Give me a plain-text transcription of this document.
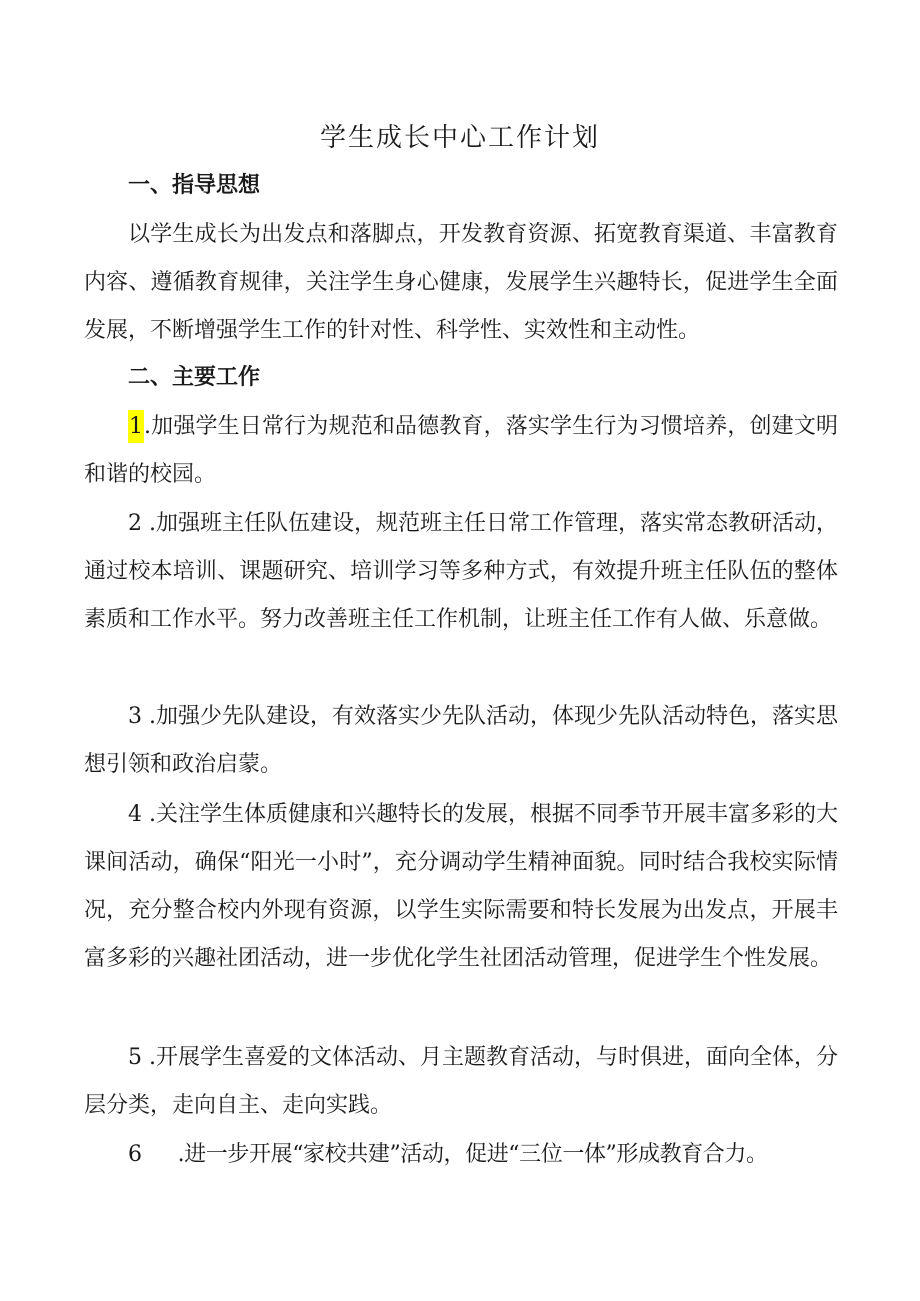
学生成长中心工作计划
一、指导思想

以学生成长为出发点和落脚点，开发教育资源、拓宽教育渠道、丰富教育内容、遵循教育规律，关注学生身心健康，发展学生兴趣特长，促进学生全面发展，不断增强学生工作的针对性、科学性、实效性和主动性。

二、主要工作

1.加强学生日常行为规范和品德教育，落实学生行为习惯培养，创建文明和谐的校园。

2 .加强班主任队伍建设，规范班主任日常工作管理，落实常态教研活动，通过校本培训、课题研究、培训学习等多种方式，有效提升班主任队伍的整体素质和工作水平。努力改善班主任工作机制，让班主任工作有人做、乐意做。

3 .加强少先队建设，有效落实少先队活动，体现少先队活动特色，落实思想引领和政治启蒙。

4 .关注学生体质健康和兴趣特长的发展，根据不同季节开展丰富多彩的大课间活动，确保“阳光一小时”，充分调动学生精神面貌。同时结合我校实际情况，充分整合校内外现有资源，以学生实际需要和特长发展为出发点，开展丰富多彩的兴趣社团活动，进一步优化学生社团活动管理，促进学生个性发展。

5 .开展学生喜爱的文体活动、月主题教育活动，与时俱进，面向全体，分层分类，走向自主、走向实践。

6 .进一步开展“家校共建”活动，促进“三位一体”形成教育合力。
